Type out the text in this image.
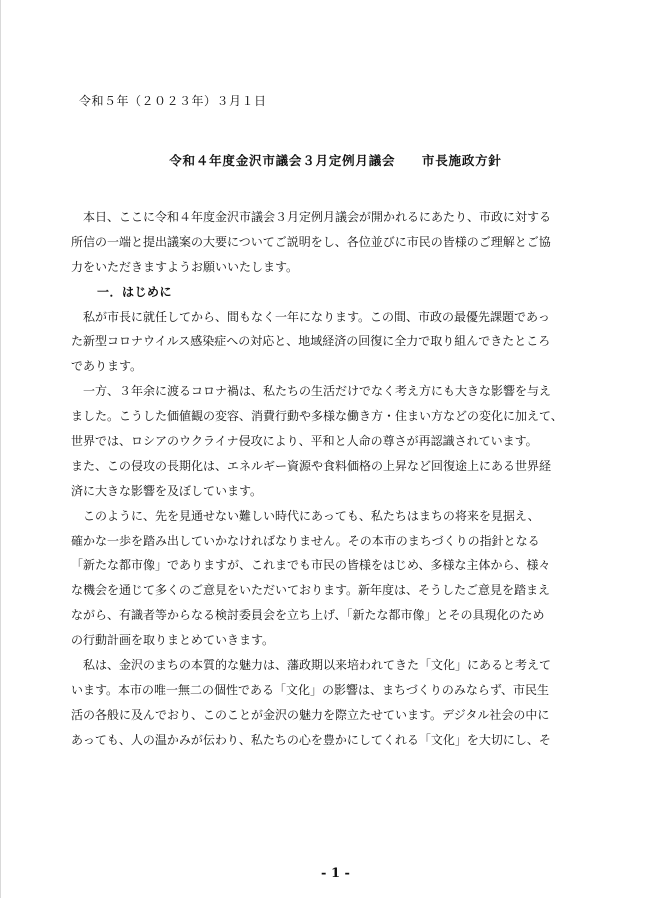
令和５年（２０２３年）３月１日
令和４年度金沢市議会３月定例月議会　　市長施政方針
　本日、ここに令和４年度金沢市議会３月定例月議会が開かれるにあたり、市政に対する
所信の一端と提出議案の大要についてご説明をし、各位並びに市民の皆様のご理解とご協
力をいただきますようお願いいたします。
一．はじめに
　私が市長に就任してから、間もなく一年になります。この間、市政の最優先課題であっ
た新型コロナウイルス感染症への対応と、地域経済の回復に全力で取り組んできたところ
であります。
　一方、３年余に渡るコロナ禍は、私たちの生活だけでなく考え方にも大きな影響を与え
ました。こうした価値観の変容、消費行動や多様な働き方・住まい方などの変化に加えて、
世界では、ロシアのウクライナ侵攻により、平和と人命の尊さが再認識されています。
また、この侵攻の長期化は、エネルギー資源や食料価格の上昇など回復途上にある世界経
済に大きな影響を及ぼしています。
　このように、先を見通せない難しい時代にあっても、私たちはまちの将来を見据え、
確かな一歩を踏み出していかなければなりません。その本市のまちづくりの指針となる
「新たな都市像」でありますが、これまでも市民の皆様をはじめ、多様な主体から、様々
な機会を通じて多くのご意見をいただいております。新年度は、そうしたご意見を踏まえ
ながら、有識者等からなる検討委員会を立ち上げ、「新たな都市像」とその具現化のため
の行動計画を取りまとめていきます。
　私は、金沢のまちの本質的な魅力は、藩政期以来培われてきた「文化」にあると考えて
います。本市の唯一無二の個性である「文化」の影響は、まちづくりのみならず、市民生
活の各般に及んでおり、このことが金沢の魅力を際立たせています。デジタル社会の中に
あっても、人の温かみが伝わり、私たちの心を豊かにしてくれる「文化」を大切にし、そ
- 1 -
